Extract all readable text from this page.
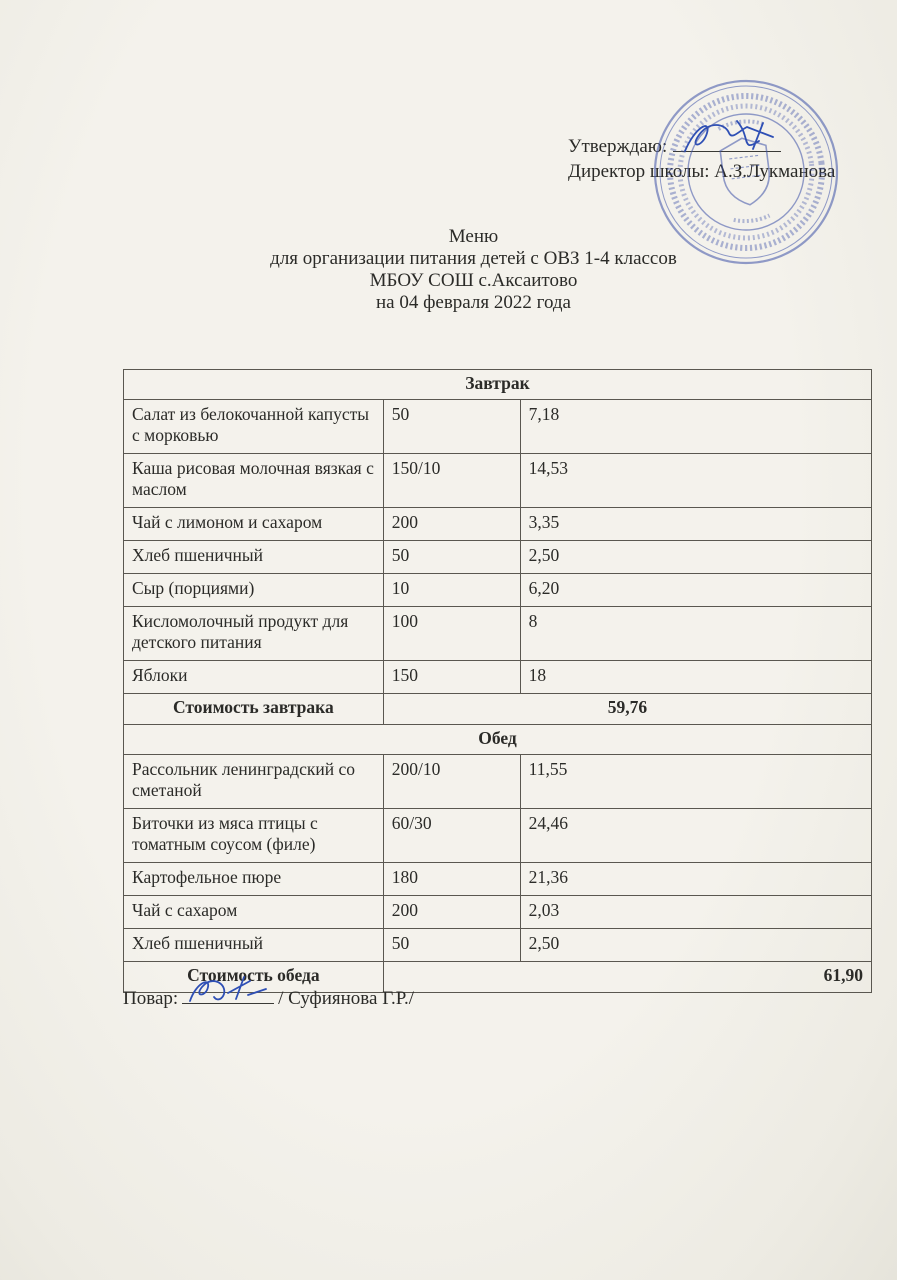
Утверждаю:
Директор школы: А.З.Лукманова
Меню
для организации питания детей с ОВЗ 1-4 классов
МБОУ СОШ с.Аксаитово
на 04 февраля 2022 года
Завтрак		
Салат из белокочанной капусты с морковью	50	7,18
Каша рисовая молочная вязкая с маслом	150/10	14,53
Чай с лимоном и сахаром	200	3,35
Хлеб пшеничный	50	2,50
Сыр (порциями)	10	6,20
Кисломолочный продукт для детского питания	100	8
Яблоки	150	18
Стоимость завтрака	59,76	
Обед		
Рассольник ленинградский со сметаной	200/10	11,55
Биточки из мяса птицы с томатным соусом (филе)	60/30	24,46
Картофельное пюре	180	21,36
Чай с сахаром	200	2,03
Хлеб пшеничный	50	2,50
Стоимость обеда	61,90	
Повар:	/ Суфиянова Г.Р./
